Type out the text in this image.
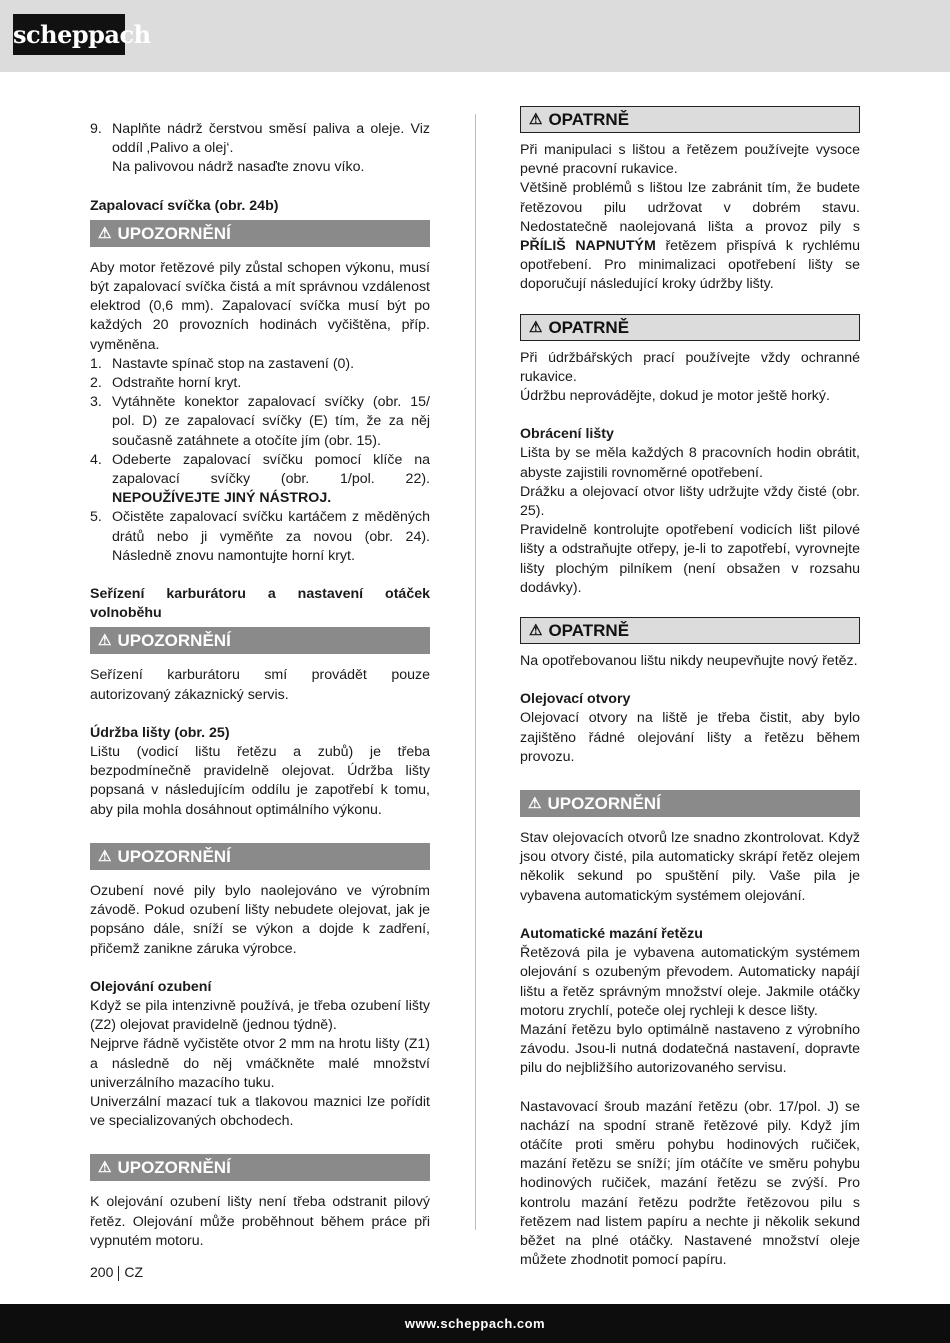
scheppach
9. Naplňte nádrž čerstvou směsí paliva a oleje. Viz oddíl ‚Palivo a olej‘.

Na palivovou nádrž nasaďte znovu víko.

Zapalovací svíčka (obr. 24b)

⚠ UPOZORNĚNÍ

Aby motor řetězové pily zůstal schopen výkonu, musí být zapalovací svíčka čistá a mít správnou vzdálenost elektrod (0,6 mm). Zapalovací svíčka musí být po každých 20 provozních hodinách vyčištěna, příp. vyměněna.

1. Nastavte spínač stop na zastavení (0).
2. Odstraňte horní kryt.
3. Vytáhněte konektor zapalovací svíčky (obr. 15/ pol. D) ze zapalovací svíčky (E) tím, že za něj současně zatáhnete a otočíte jím (obr. 15).
4. Odeberte zapalovací svíčku pomocí klíče na zapalovací svíčky (obr. 1/pol. 22). NEPOUŽÍVEJTE JINÝ NÁSTROJ.
5. Očistěte zapalovací svíčku kartáčem z měděných drátů nebo ji vyměňte za novou (obr. 24). Následně znovu namontujte horní kryt.

Seřízení karburátoru a nastavení otáček volnoběhu

⚠ UPOZORNĚNÍ

Seřízení karburátoru smí provádět pouze autorizovaný zákaznický servis.

Údržba lišty (obr. 25)

Lištu (vodicí lištu řetězu a zubů) je třeba bezpodmínečně pravidelně olejovat. Údržba lišty popsaná v následujícím oddílu je zapotřebí k tomu, aby pila mohla dosáhnout optimálního výkonu.

⚠ UPOZORNĚNÍ

Ozubení nové pily bylo naolejováno ve výrobním závodě. Pokud ozubení lišty nebudete olejovat, jak je popsáno dále, sníží se výkon a dojde k zadření, přičemž zanikne záruka výrobce.

Olejování ozubení

Když se pila intenzivně používá, je třeba ozubení lišty (Z2) olejovat pravidelně (jednou týdně).

Nejprve řádně vyčistěte otvor 2 mm na hrotu lišty (Z1) a následně do něj vmáčkněte malé množství univerzálního mazacího tuku.

Univerzální mazací tuk a tlakovou maznici lze pořídit ve specializovaných obchodech.

⚠ UPOZORNĚNÍ

K olejování ozubení lišty není třeba odstranit pilový řetěz. Olejování může proběhnout během práce při vypnutém motoru.

⚠ OPATRNĚ

Při manipulaci s lištou a řetězem používejte vysoce pevné pracovní rukavice.

Většině problémů s lištou lze zabránit tím, že budete řetězovou pilu udržovat v dobrém stavu. Nedostatečně naolejovaná lišta a provoz pily s PŘÍLIŠ NAPNUTÝM řetězem přispívá k rychlému opotřebení. Pro minimalizaci opotřebení lišty se doporučují následující kroky údržby lišty.

⚠ OPATRNĚ

Při údržbářských prací používejte vždy ochranné rukavice.

Údržbu neprovádějte, dokud je motor ještě horký.

Obrácení lišty

Lišta by se měla každých 8 pracovních hodin obrátit, abyste zajistili rovnoměrné opotřebení.

Drážku a olejovací otvor lišty udržujte vždy čisté (obr. 25).

Pravidelně kontrolujte opotřebení vodicích lišt pilové lišty a odstraňujte otřepy, je-li to zapotřebí, vyrovnejte lišty plochým pilníkem (není obsažen v rozsahu dodávky).

⚠ OPATRNĚ

Na opotřebovanou lištu nikdy neupevňujte nový řetěz.

Olejovací otvory

Olejovací otvory na liště je třeba čistit, aby bylo zajištěno řádné olejování lišty a řetězu během provozu.

⚠ UPOZORNĚNÍ

Stav olejovacích otvorů lze snadno zkontrolovat. Když jsou otvory čisté, pila automaticky skrápí řetěz olejem několik sekund po spuštění pily. Vaše pila je vybavena automatickým systémem olejování.

Automatické mazání řetězu

Řetězová pila je vybavena automatickým systémem olejování s ozubeným převodem. Automaticky napájí lištu a řetěz správným množství oleje. Jakmile otáčky motoru zrychlí, poteče olej rychleji k desce lišty.

Mazání řetězu bylo optimálně nastaveno z výrobního závodu. Jsou-li nutná dodatečná nastavení, dopravte pilu do nejbližšího autorizovaného servisu.

Nastavovací šroub mazání řetězu (obr. 17/pol. J) se nachází na spodní straně řetězové pily. Když jím otáčíte proti směru pohybu hodinových ručiček, mazání řetězu se sníží; jím otáčíte ve směru pohybu hodinových ručiček, mazání řetězu se zvýší. Pro kontrolu mazání řetězu podržte řetězovou pilu s řetězem nad listem papíru a nechte ji několik sekund běžet na plné otáčky. Nastavené množství oleje můžete zhodnotit pomocí papíru.

200 CZ
www.scheppach.com
